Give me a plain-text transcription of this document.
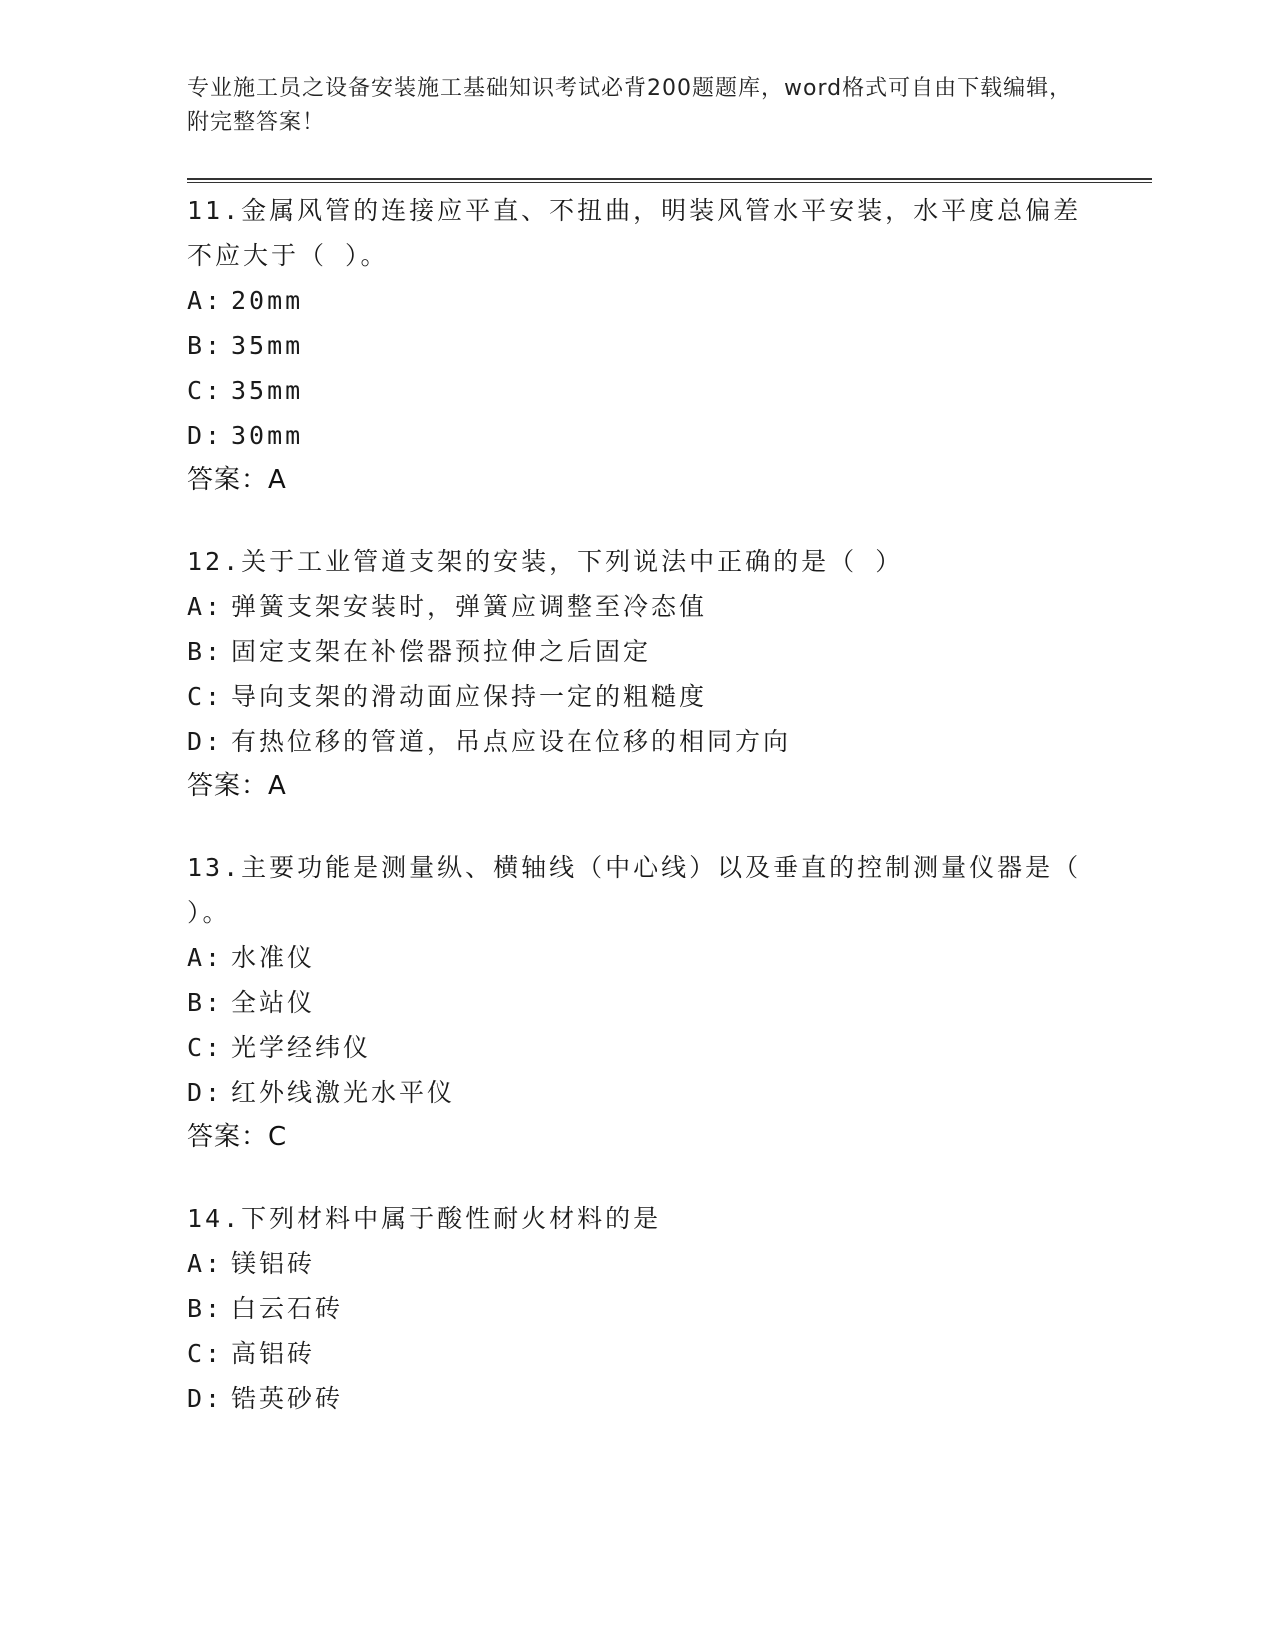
专业施工员之设备安装施工基础知识考试必背200题题库，word格式可自由下载编辑，附完整答案！
11.金属风管的连接应平直、不扭曲，明装风管水平安装，水平度总偏差不应大于（ ）。
A: 20mm
B: 35mm
C: 35mm
D: 30mm
答案：A
12.关于工业管道支架的安装，下列说法中正确的是（ ）
A: 弹簧支架安装时，弹簧应调整至冷态值
B: 固定支架在补偿器预拉伸之后固定
C: 导向支架的滑动面应保持一定的粗糙度
D: 有热位移的管道，吊点应设在位移的相同方向
答案：A
13.主要功能是测量纵、横轴线（中心线）以及垂直的控制测量仪器是（ ）。
A: 水准仪
B: 全站仪
C: 光学经纬仪
D: 红外线激光水平仪
答案：C
14.下列材料中属于酸性耐火材料的是
A: 镁铝砖
B: 白云石砖
C: 高铝砖
D: 锆英砂砖
